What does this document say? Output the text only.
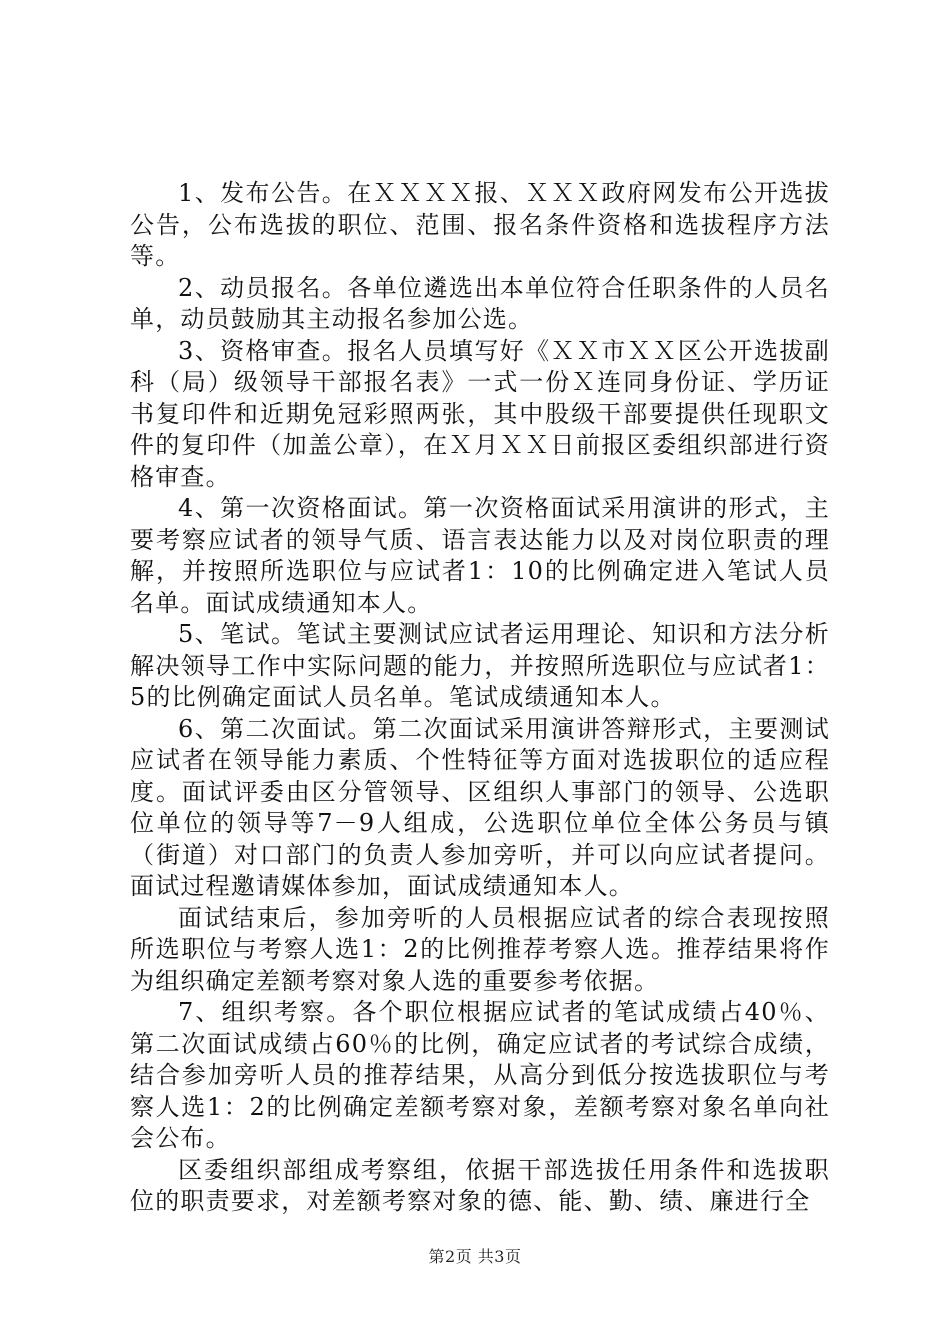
1、发布公告。在ＸＸＸＸ报、ＸＸＸ政府网发布公开选拔公告，公布选拔的职位、范围、报名条件资格和选拔程序方法等。

2、动员报名。各单位遴选出本单位符合任职条件的人员名单，动员鼓励其主动报名参加公选。

3、资格审查。报名人员填写好《ＸＸ市ＸＸ区公开选拔副科（局）级领导干部报名表》一式一份Ｘ连同身份证、学历证书复印件和近期免冠彩照两张，其中股级干部要提供任现职文件的复印件（加盖公章），在Ｘ月ＸＸ日前报区委组织部进行资格审查。

4、第一次资格面试。第一次资格面试采用演讲的形式，主要考察应试者的领导气质、语言表达能力以及对岗位职责的理解，并按照所选职位与应试者1：10的比例确定进入笔试人员名单。面试成绩通知本人。

5、笔试。笔试主要测试应试者运用理论、知识和方法分析解决领导工作中实际问题的能力，并按照所选职位与应试者1：5的比例确定面试人员名单。笔试成绩通知本人。

6、第二次面试。第二次面试采用演讲答辩形式，主要测试应试者在领导能力素质、个性特征等方面对选拔职位的适应程度。面试评委由区分管领导、区组织人事部门的领导、公选职位单位的领导等7－9人组成，公选职位单位全体公务员与镇（街道）对口部门的负责人参加旁听，并可以向应试者提问。面试过程邀请媒体参加，面试成绩通知本人。

面试结束后，参加旁听的人员根据应试者的综合表现按照所选职位与考察人选1：2的比例推荐考察人选。推荐结果将作为组织确定差额考察对象人选的重要参考依据。

7、组织考察。各个职位根据应试者的笔试成绩占40％、第二次面试成绩占60％的比例，确定应试者的考试综合成绩，结合参加旁听人员的推荐结果，从高分到低分按选拔职位与考察人选1：2的比例确定差额考察对象，差额考察对象名单向社会公布。

区委组织部组成考察组，依据干部选拔任用条件和选拔职位的职责要求，对差额考察对象的德、能、勤、绩、廉进行全

第2页 共3页
